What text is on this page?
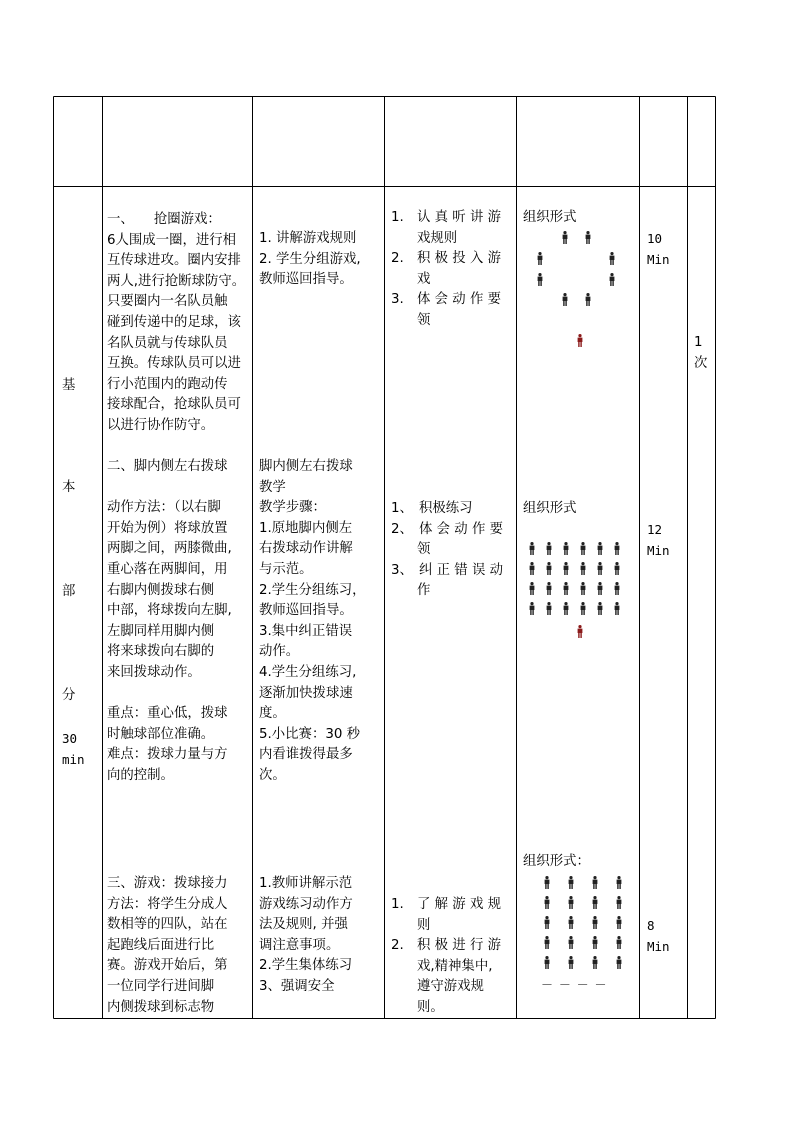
基
本
部
分
30
min
一、　　抢圈游戏：
6人围成一圈，进行相
互传球进攻。圈内安排
两人,进行抢断球防守。
只要圈内一名队员触
碰到传递中的足球，该
名队员就与传球队员
互换。传球队员可以进
行小范围内的跑动传
接球配合，抢球队员可
以进行协作防守。
1. 讲解游戏规则
2. 学生分组游戏,
教师巡回指导。
1. 认 真 听 讲 游
戏规则
2. 积 极 投 入 游
戏
3. 体 会 动 作 要
领
组织形式
10
Min
1
次
二、脚内侧左右拨球
动作方法：（以右脚
开始为例）将球放置
两脚之间，两膝微曲,
重心落在两脚间，用
右脚内侧拨球右侧
中部，将球拨向左脚,
左脚同样用脚内侧
将来球拨向右脚的
来回拨球动作。
重点：重心低，拨球
时触球部位准确。
难点：拨球力量与方
向的控制。
脚内侧左右拨球
教学
教学步骤：
1.原地脚内侧左
右拨球动作讲解
与示范。
2.学生分组练习，
教师巡回指导。
3.集中纠正错误
动作。
4.学生分组练习,
逐渐加快拨球速
度。
5.小比赛：30 秒
内看谁拨得最多
次。
1、 积极练习
2、 体 会 动 作 要
领
3、 纠 正 错 误 动
作
组织形式
12
Min
三、游戏：拨球接力
方法：将学生分成人
数相等的四队，站在
起跑线后面进行比
赛。游戏开始后，第
一位同学行进间脚
内侧拨球到标志物
1.教师讲解示范
游戏练习动作方
法及规则, 并强
调注意事项。
2.学生集体练习
3、强调安全
1. 了 解 游 戏 规
则
2. 积 极 进 行 游
戏,精神集中,
遵守游戏规
则。
组织形式：
－ － － －
8
Min
